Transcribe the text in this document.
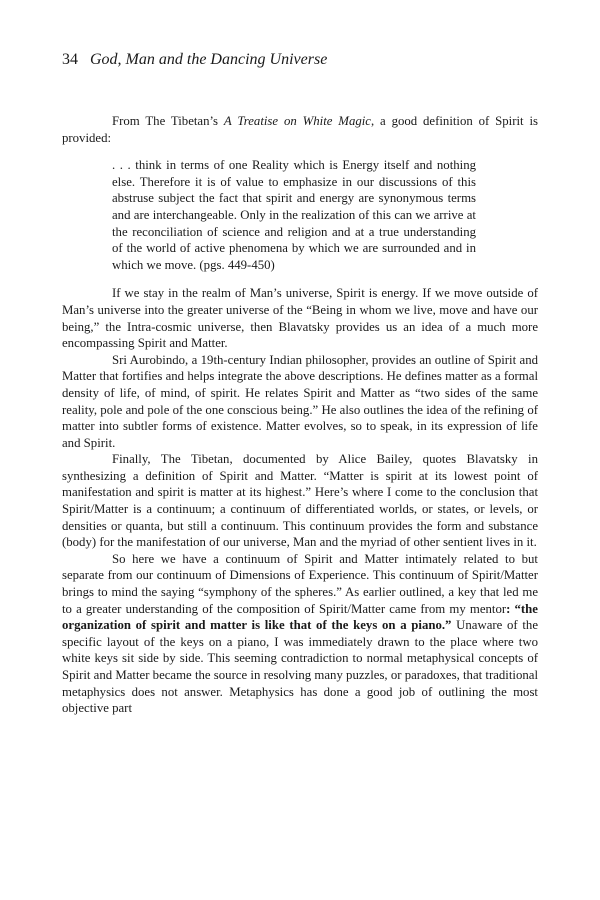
34 God, Man and the Dancing Universe

From The Tibetan’s A Treatise on White Magic, a good definition of Spirit is provided:

. . . think in terms of one Reality which is Energy itself and nothing else. Therefore it is of value to emphasize in our discussions of this abstruse subject the fact that spirit and energy are synonymous terms and are interchangeable. Only in the realization of this can we arrive at the reconciliation of science and religion and at a true understanding of the world of active phenomena by which we are surrounded and in which we move. (pgs. 449-450)

If we stay in the realm of Man’s universe, Spirit is energy. If we move outside of Man’s universe into the greater universe of the “Being in whom we live, move and have our being,” the Intra-cosmic universe, then Blavatsky provides us an idea of a much more encompassing Spirit and Matter.

Sri Aurobindo, a 19th-century Indian philosopher, provides an outline of Spirit and Matter that fortifies and helps integrate the above descriptions. He defines matter as a formal density of life, of mind, of spirit. He relates Spirit and Matter as “two sides of the same reality, pole and pole of the one conscious being.” He also outlines the idea of the refining of matter into subtler forms of existence. Matter evolves, so to speak, in its expression of life and Spirit.

Finally, The Tibetan, documented by Alice Bailey, quotes Blavatsky in synthesizing a definition of Spirit and Matter. “Matter is spirit at its lowest point of manifestation and spirit is matter at its highest.” Here’s where I come to the conclusion that Spirit/Matter is a continuum; a continuum of differentiated worlds, or states, or levels, or densities or quanta, but still a continuum. This continuum provides the form and substance (body) for the manifestation of our universe, Man and the myriad of other sentient lives in it.

So here we have a continuum of Spirit and Matter intimately related to but separate from our continuum of Dimensions of Experience. This continuum of Spirit/Matter brings to mind the saying “symphony of the spheres.” As earlier outlined, a key that led me to a greater understanding of the composition of Spirit/Matter came from my mentor: “the organization of spirit and matter is like that of the keys on a piano.” Unaware of the specific layout of the keys on a piano, I was immediately drawn to the place where two white keys sit side by side. This seeming contradiction to normal metaphysical concepts of Spirit and Matter became the source in resolving many puzzles, or paradoxes, that traditional metaphysics does not answer. Metaphysics has done a good job of outlining the most objective part
